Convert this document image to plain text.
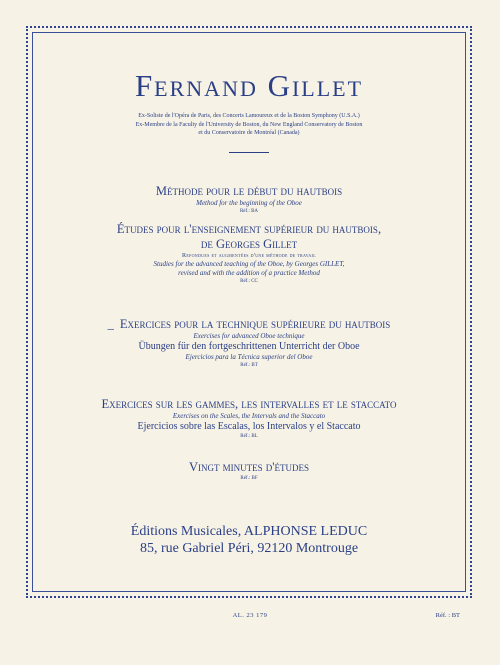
Fernand Gillet
Ex-Soliste de l'Opéra de Paris, des Concerts Lamoureux et de la Boston Symphony (U.S.A.)
Ex-Membre de la Faculty de l'University de Boston, du New England Conservatory de Boston
et du Conservatoire de Montréal (Canada)
Méthode pour le début du hautbois
Method for the beginning of the Oboe
Réf.: BA
Études pour l'enseignement supérieur du hautbois,
de Georges Gillet
Refondues et augmentées d'une méthode de travail
Studies for the advanced teaching of the Oboe, by Georges GILLET,
revised and with the addition of a practice Method
Réf.: CC
_ Exercices pour la technique supérieure du hautbois
Exercises for advanced Oboe technique
Übungen für den fortgeschrittenen Unterricht der Oboe
Ejercicios para la Técnica superior del Oboe
Réf.: BT
Exercices sur les gammes, les intervalles et le staccato
Exercises on the Scales, the Intervals and the Staccato
Ejercicios sobre las Escalas, los Intervalos y el Staccato
Réf.: BL
Vingt minutes d'études
Réf.: BF
Éditions Musicales, ALPHONSE LEDUC
85, rue Gabriel Péri, 92120 Montrouge
AL. 23 179	Réf. : BT
